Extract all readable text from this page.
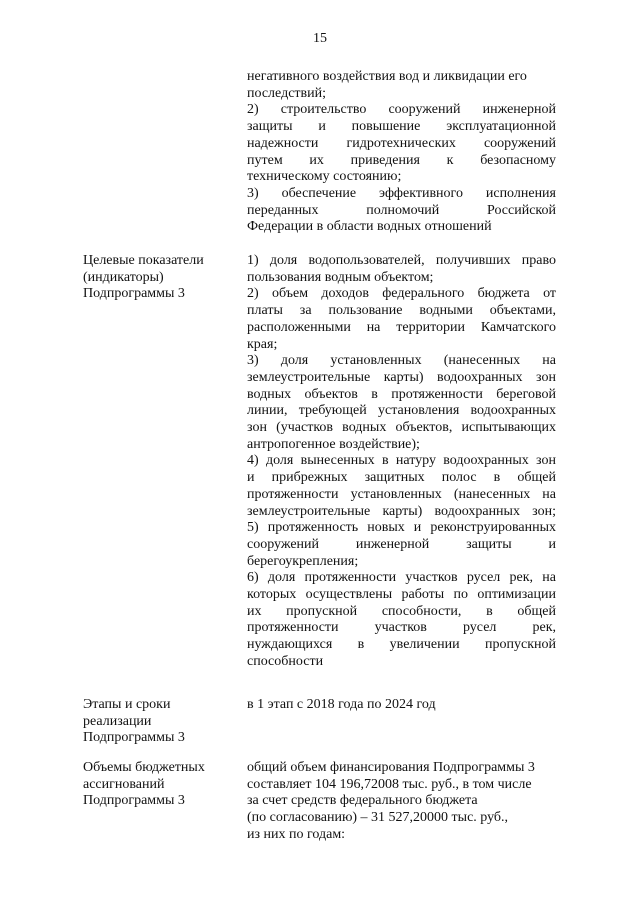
15
негативного воздействия вод и ликвидации его
последствий;
2) строительство сооружений инженерной
защиты и повышение эксплуатационной
надежности гидротехнических сооружений
путем их приведения к безопасному
техническому состоянию;
3) обеспечение эффективного исполнения
переданных полномочий Российской
Федерации в области водных отношений
Целевые показатели
(индикаторы)
Подпрограммы 3
1) доля водопользователей, получивших право
пользования водным объектом;
2) объем доходов федерального бюджета от
платы за пользование водными объектами,
расположенными на территории Камчатского
края;
3) доля установленных (нанесенных на
землеустроительные карты) водоохранных зон
водных объектов в протяженности береговой
линии, требующей установления водоохранных
зон (участков водных объектов, испытывающих
антропогенное воздействие);
4) доля вынесенных в натуру водоохранных зон
и прибрежных защитных полос в общей
протяженности установленных (нанесенных на
землеустроительные карты) водоохранных зон;
5) протяженность новых и реконструированных
сооружений инженерной защиты и
берегоукрепления;
6) доля протяженности участков русел рек, на
которых осуществлены работы по оптимизации
их пропускной способности, в общей
протяженности участков русел рек,
нуждающихся в увеличении пропускной
способности
Этапы и сроки
реализации
Подпрограммы 3
в 1 этап с 2018 года по 2024 год
Объемы бюджетных
ассигнований
Подпрограммы 3
общий объем финансирования Подпрограммы 3
составляет 104 196,72008 тыс. руб., в том числе
за счет средств федерального бюджета
(по согласованию) – 31 527,20000 тыс. руб.,
из них по годам:
